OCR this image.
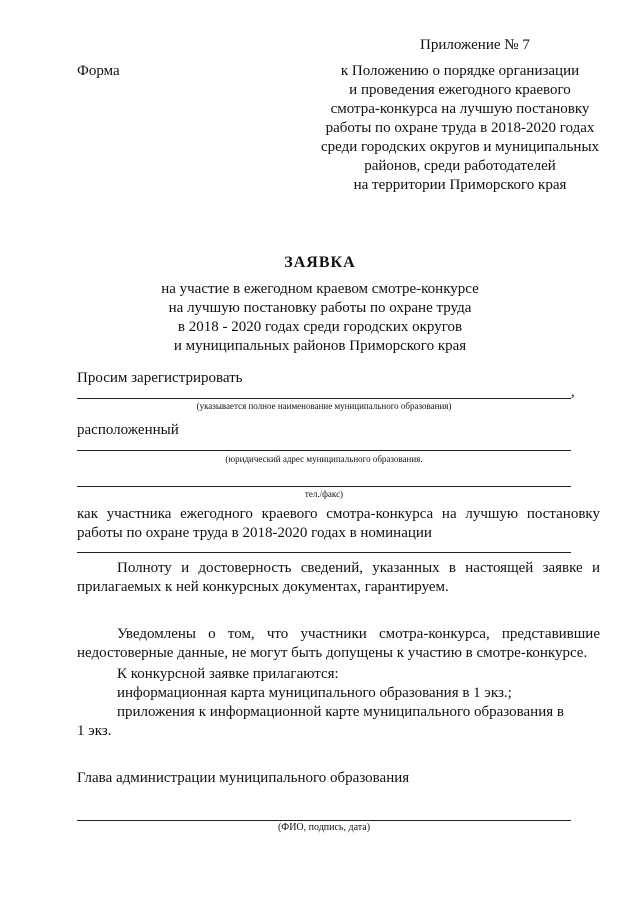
Приложение № 7
Форма	к Положению о порядке организации
и проведения ежегодного краевого
смотра-конкурса на лучшую постановку
работы по охране труда в 2018-2020 годах
среди городских округов и муниципальных
районов, среди работодателей
на территории Приморского края
ЗАЯВКА
на участие в ежегодном краевом смотре-конкурсе
на лучшую постановку работы по охране труда
в 2018 - 2020 годах среди городских округов
и муниципальных районов Приморского края
Просим зарегистрировать
,
(указывается полное наименование муниципального образования)
расположенный
(юридический адрес муниципального образования.
тел./факс)
как участника ежегодного краевого смотра-конкурса на лучшую постановку работы по охране труда в 2018-2020 годах в номинации
Полноту и достоверность сведений, указанных в настоящей заявке и прилагаемых к ней конкурсных документах, гарантируем.
Уведомлены о том, что участники смотра-конкурса, представившие недостоверные данные, не могут быть допущены к участию в смотре-конкурсе.
К конкурсной заявке прилагаются:
информационная карта муниципального образования в 1 экз.;
приложения к информационной карте муниципального образования в 1 экз.
Глава администрации муниципального образования
(ФИО, подпись, дата)
